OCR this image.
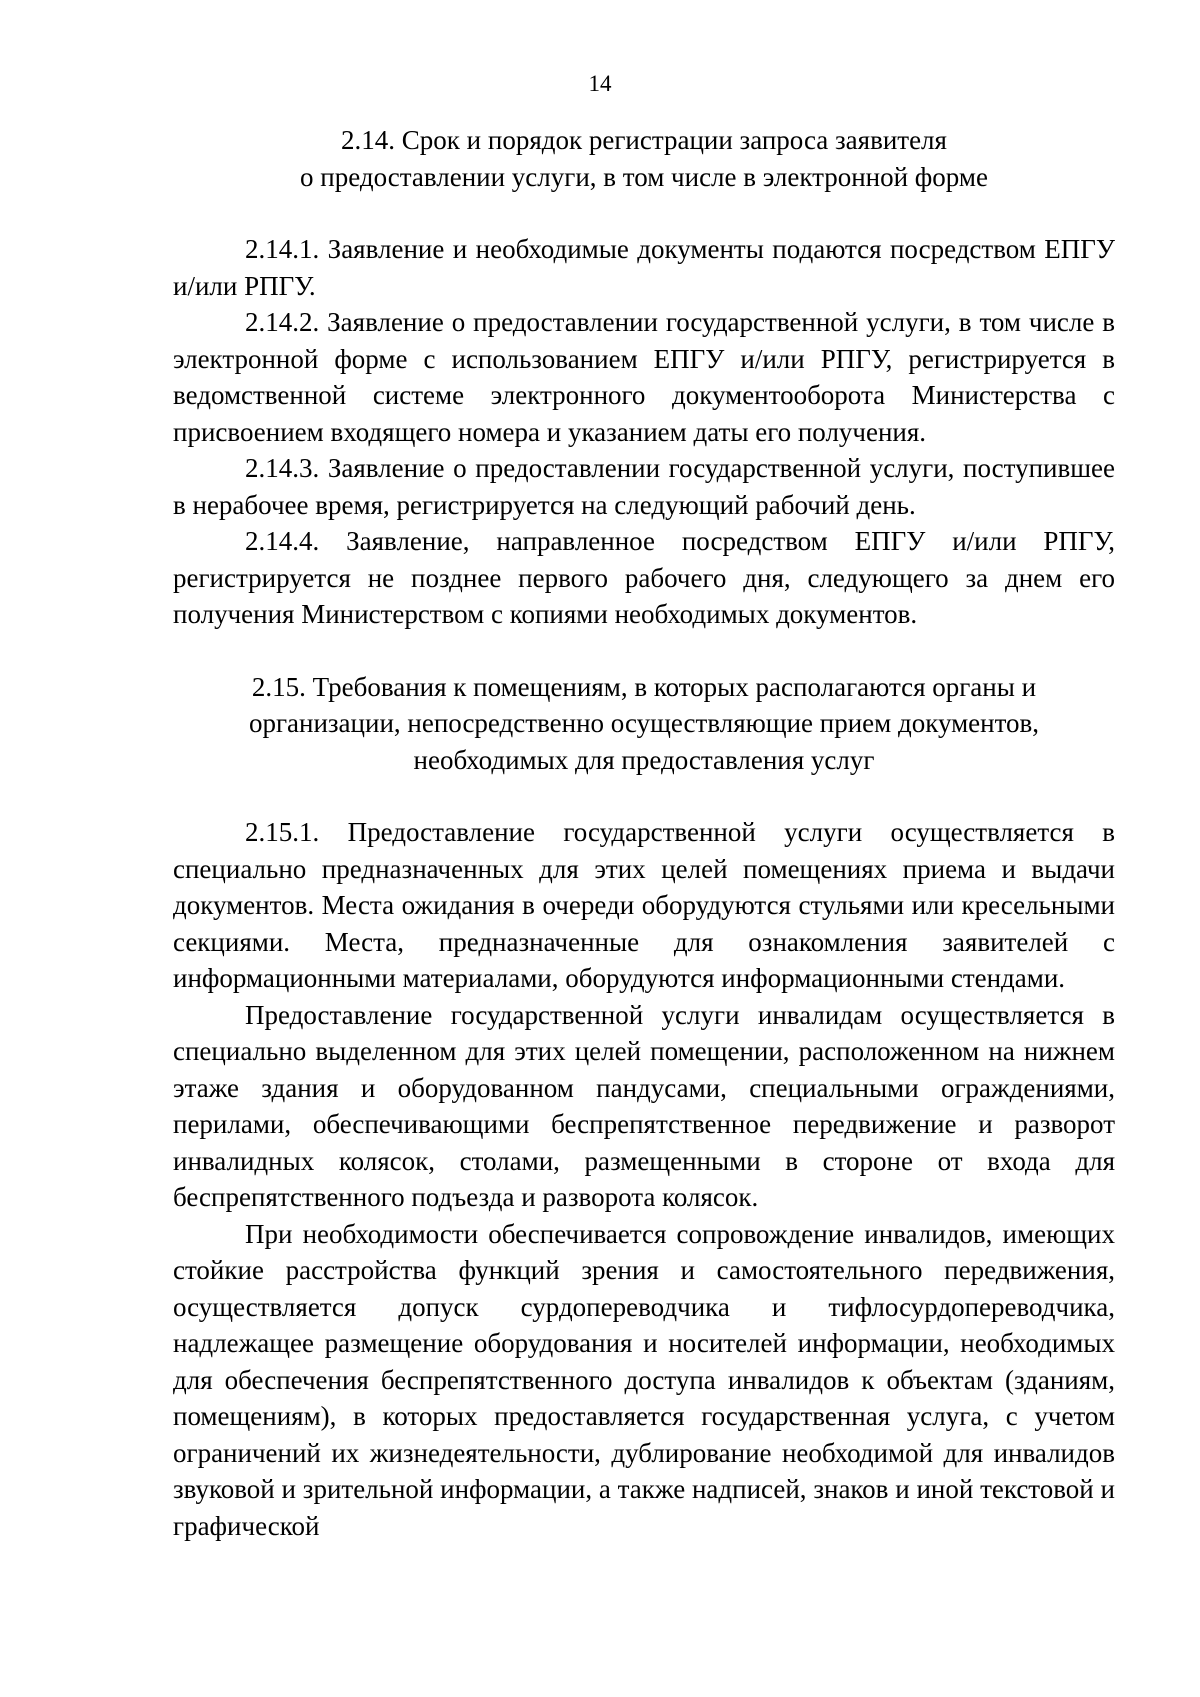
14
2.14. Срок и порядок регистрации запроса заявителя
о предоставлении услуги, в том числе в электронной форме

2.14.1. Заявление и необходимые документы подаются посредством ЕПГУ и/или РПГУ.

2.14.2. Заявление о предоставлении государственной услуги, в том числе в электронной форме с использованием ЕПГУ и/или РПГУ, регистрируется в ведомственной системе электронного документооборота Министерства с присвоением входящего номера и указанием даты его получения.

2.14.3. Заявление о предоставлении государственной услуги, поступившее в нерабочее время, регистрируется на следующий рабочий день.

2.14.4. Заявление, направленное посредством ЕПГУ и/или РПГУ, регистрируется не позднее первого рабочего дня, следующего за днем его получения Министерством с копиями необходимых документов.

2.15. Требования к помещениям, в которых располагаются органы и
организации, непосредственно осуществляющие прием документов,
необходимых для предоставления услуг

2.15.1. Предоставление государственной услуги осуществляется в специально предназначенных для этих целей помещениях приема и выдачи документов. Места ожидания в очереди оборудуются стульями или кресельными секциями. Места, предназначенные для ознакомления заявителей с информационными материалами, оборудуются информационными стендами.

Предоставление государственной услуги инвалидам осуществляется в специально выделенном для этих целей помещении, расположенном на нижнем этаже здания и оборудованном пандусами, специальными ограждениями, перилами, обеспечивающими беспрепятственное передвижение и разворот инвалидных колясок, столами, размещенными в стороне от входа для беспрепятственного подъезда и разворота колясок.

При необходимости обеспечивается сопровождение инвалидов, имеющих стойкие расстройства функций зрения и самостоятельного передвижения, осуществляется допуск сурдопереводчика и тифлосурдопереводчика, надлежащее размещение оборудования и носителей информации, необходимых для обеспечения беспрепятственного доступа инвалидов к объектам (зданиям, помещениям), в которых предоставляется государственная услуга, с учетом ограничений их жизнедеятельности, дублирование необходимой для инвалидов звуковой и зрительной информации, а также надписей, знаков и иной текстовой и графической
